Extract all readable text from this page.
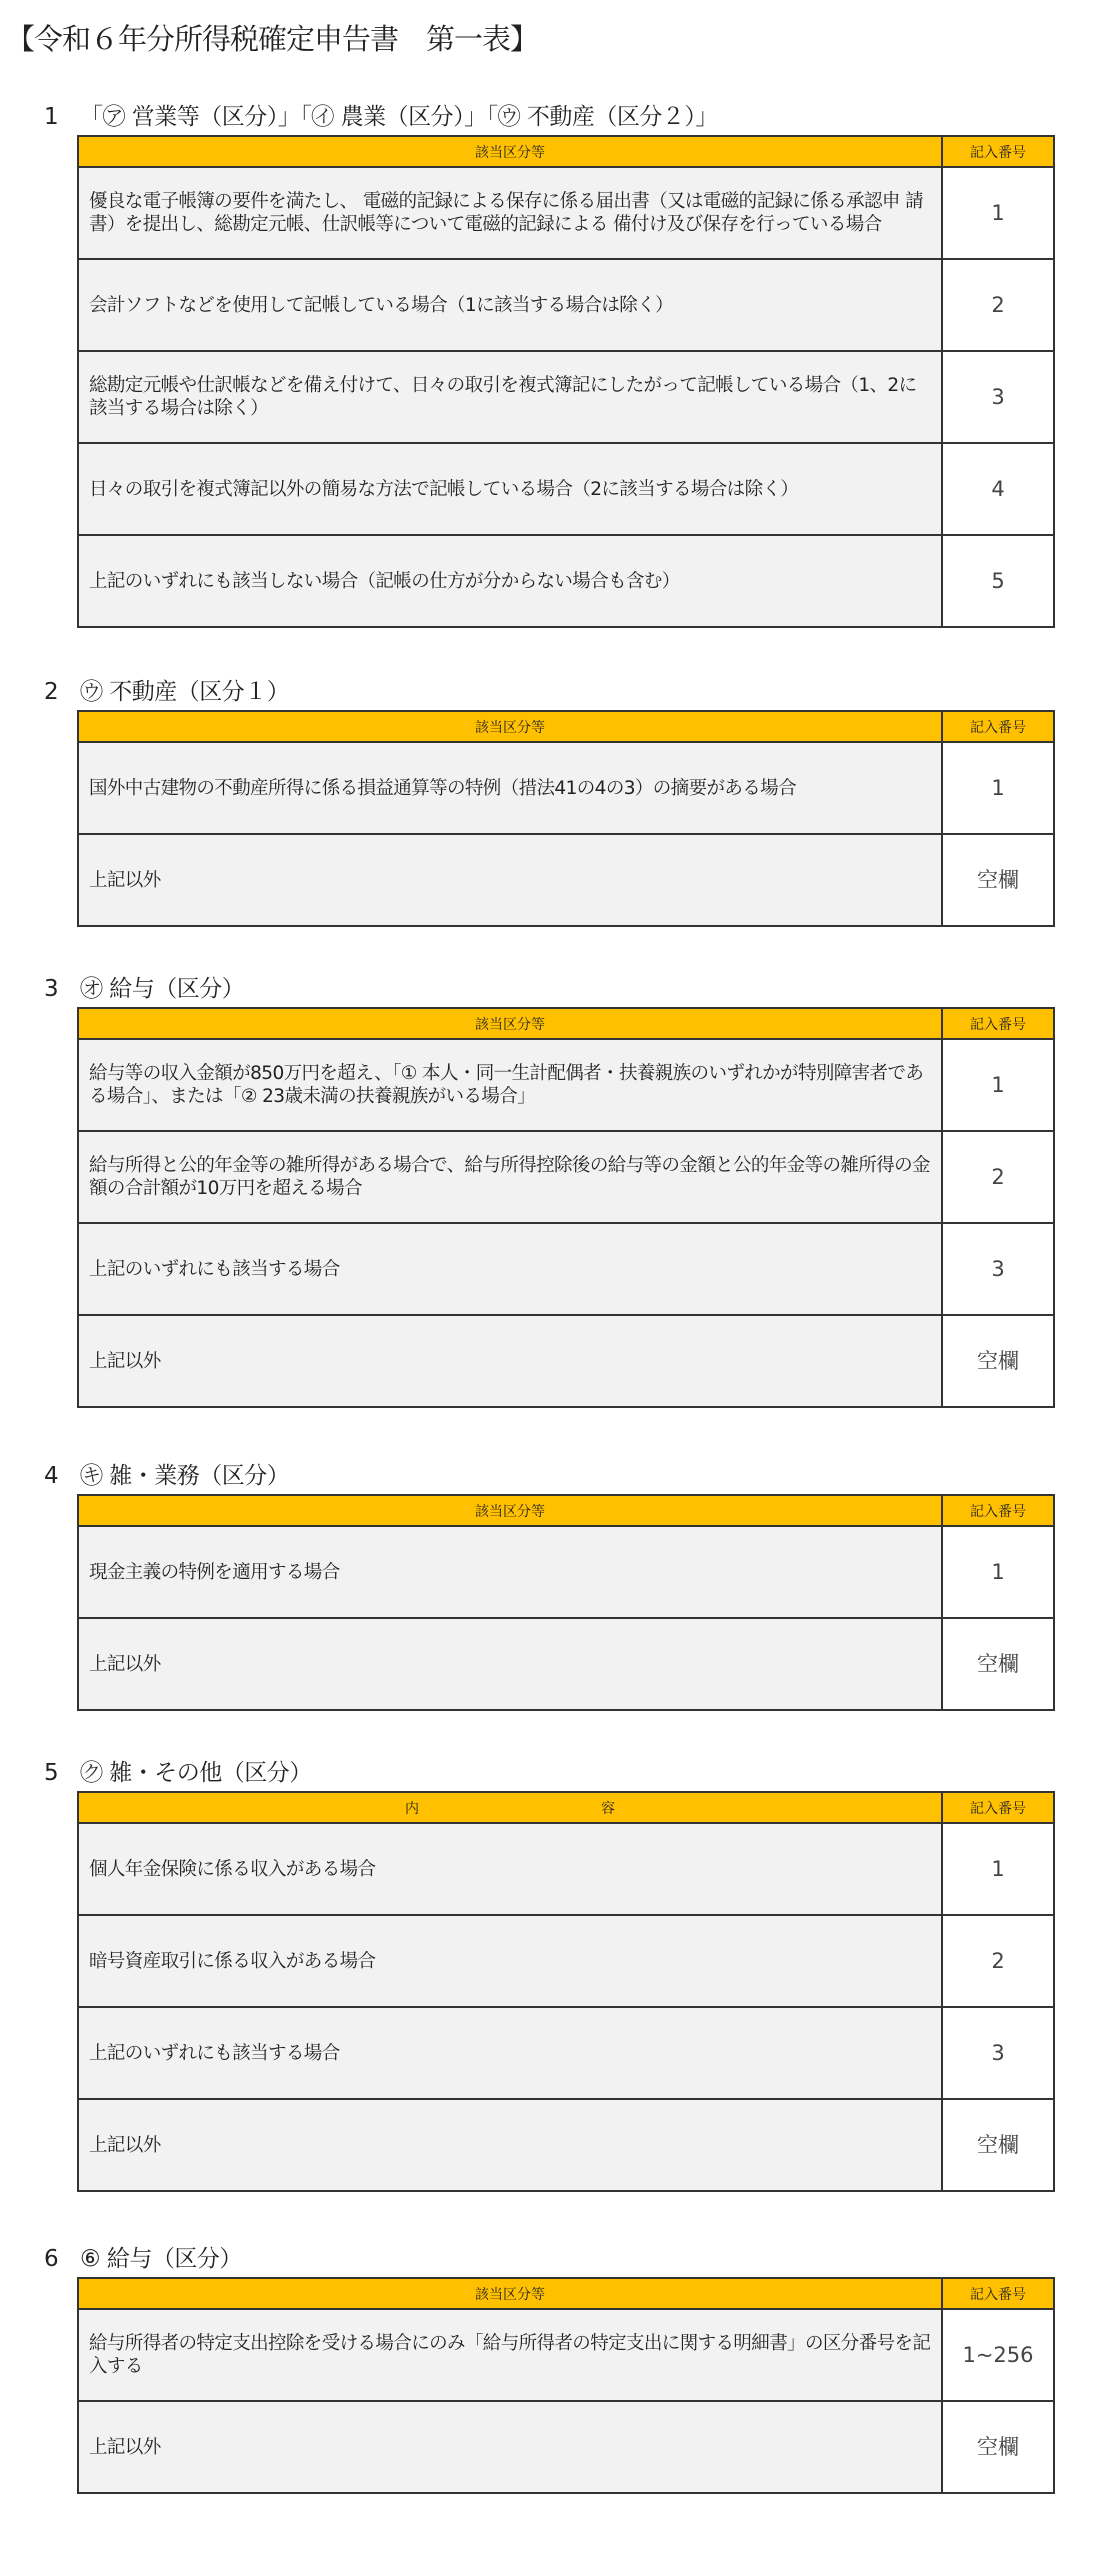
【令和６年分所得税確定申告書　第一表】
1 「㋐ 営業等（区分）」「㋑ 農業（区分）」「㋒ 不動産（区分２）」
該当区分等	記入番号
優良な電子帳簿の要件を満たし、 電磁的記録による保存に係る届出書（又は電磁的記録に係る承認申 請書）を提出し、総勘定元帳、仕訳帳等について電磁的記録による 備付け及び保存を行っている場合	1
会計ソフトなどを使用して記帳している場合（1に該当する場合は除く）	2
総勘定元帳や仕訳帳などを備え付けて、日々の取引を複式簿記にしたがって記帳している場合（1、2に該当する場合は除く）	3
日々の取引を複式簿記以外の簡易な方法で記帳している場合（2に該当する場合は除く）	4
上記のいずれにも該当しない場合（記帳の仕方が分からない場合も含む）	5
2 ㋒ 不動産（区分１）
該当区分等	記入番号
国外中古建物の不動産所得に係る損益通算等の特例（措法41の4の3）の摘要がある場合	1
上記以外	空欄
3 ㋔ 給与（区分）
該当区分等	記入番号
給与等の収入金額が850万円を超え、「① 本人・同一生計配偶者・扶養親族のいずれかが特別障害者である場合」、または「② 23歳未満の扶養親族がいる場合」	1
給与所得と公的年金等の雑所得がある場合で、給与所得控除後の給与等の金額と公的年金等の雑所得の金額の合計額が10万円を超える場合	2
上記のいずれにも該当する場合	3
上記以外	空欄
4 ㋖ 雑・業務（区分）
該当区分等	記入番号
現金主義の特例を適用する場合	1
上記以外	空欄
5 ㋗ 雑・その他（区分）
内　　　　　　　　　　　　　容	記入番号
個人年金保険に係る収入がある場合	1
暗号資産取引に係る収入がある場合	2
上記のいずれにも該当する場合	3
上記以外	空欄
6 ⑥ 給与（区分）
該当区分等	記入番号
給与所得者の特定支出控除を受ける場合にのみ「給与所得者の特定支出に関する明細書」の区分番号を記入する	1~256
上記以外	空欄
